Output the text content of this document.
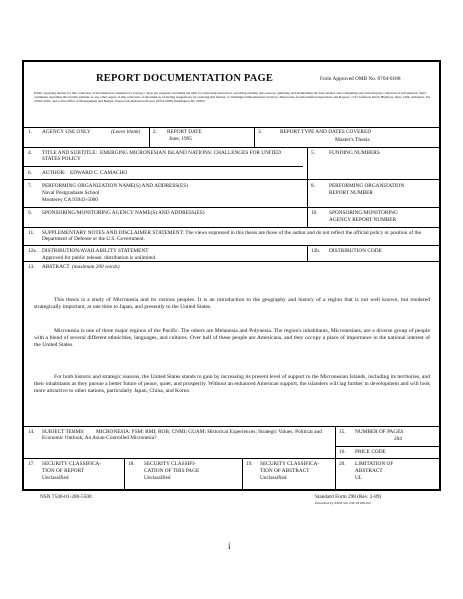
REPORT DOCUMENTATION PAGE	Form Approved OMB No. 0704-0188
Public reporting burden for this collection of information is estimated to average 1 hour per response, including the time for reviewing instruction, searching existing data sources, gathering and maintaining the data needed, and completing and reviewing the collection of information. Send comments regarding this burden estimate or any other aspect of this collection of information, including suggestions for reducing this burden, to Washington Headquarters Services, Directorate for Information Operations and Reports, 1215 Jefferson Davis Highway, Suite 1204, Arlington, VA 22202-4302, and to the Office of Management and Budget, Paperwork Reduction Project (0704-0188) Washington DC 20503.
1. AGENCY USE ONLY	(Leave blank) 2. REPORT DATE
June, 1995
3.	REPORT TYPE AND DATES COVERED
Master's Thesis
4. TITLE AND SUBTITLE: EMERGING MICRONESIAN ISLAND NATIONS: CHALLENGES FOR UNITED STATES POLICY
5.	FUNDING NUMBERS
6. AUTHOR: EDWARD C. CAMACHO
7. PERFORMING ORGANIZATION NAME(S) AND ADDRESS(ES)
Naval Postgraduate School
Monterey CA 93943-5000
8.	PERFORMING ORGANIZATION
REPORT NUMBER
9. SPONSORING/MONITORING AGENCY NAME(S) AND ADDRESS(ES)	10. SPONSORING/MONITORING
AGENCY REPORT NUMBER
11. SUPPLEMENTARY NOTES AND DISCLAIMER STATEMENT: The views expressed in this thesis are those of the author and do not reflect the official policy or position of the Department of Defense or the U.S. Government.
12a. DISTRIBUTION/AVAILABILITY STATEMENT
Approved for public release; distribution is unlimited.
12b. DISTRIBUTION CODE
13. ABSTRACT (maximum 200 words)
This thesis is a study of Micronesia and its various peoples. It is an introduction to the geography and history of a region that is not well known, but rendered strategically important, at one time to Japan, and presently to the United States.
Micronesia is one of three major regions of the Pacific. The others are Melanesia and Polynesia. The region's inhabitants, Micronesians, are a diverse group of people with a blend of several different ethnicities, languages, and cultures. Over half of these people are Americans, and they occupy a place of importance in the national interest of the United States.
For both historic and strategic reasons, the United States stands to gain by increasing its present level of support to the Micronesian Islands, including its territories, and their inhabitants as they pursue a better future of peace, quiet, and prosperity. Without an enhanced American support, the islanders will lag further in development and will look more attractive to other nations, particularly Japan, China, and Korea.
14. SUBJECT TERMS:	MICRONESIA: FSM; RMI; ROB; CNMI; GUAM; Historical Experiences; Strategic Values; Political and Economic Outlook; An Asian-Controlled Micronesia?
15. NUMBER OF PAGES
204
16. PRICE CODE
17. SECURITY CLASSIFICA-
TION OF REPORT
Unclassified
18. SECURITY CLASSIFI-
CATION OF THIS PAGE
Unclassified
19. SECURITY CLASSIFICA-
TION OF ABSTRACT
Unclassified
20. LIMITATION OF
ABSTRACT
UL
NSN 7540-01-280-5500	Standard Form 298 (Rev. 2-89)
Prescribed by ANSI Std. 239-18 298-102
i
